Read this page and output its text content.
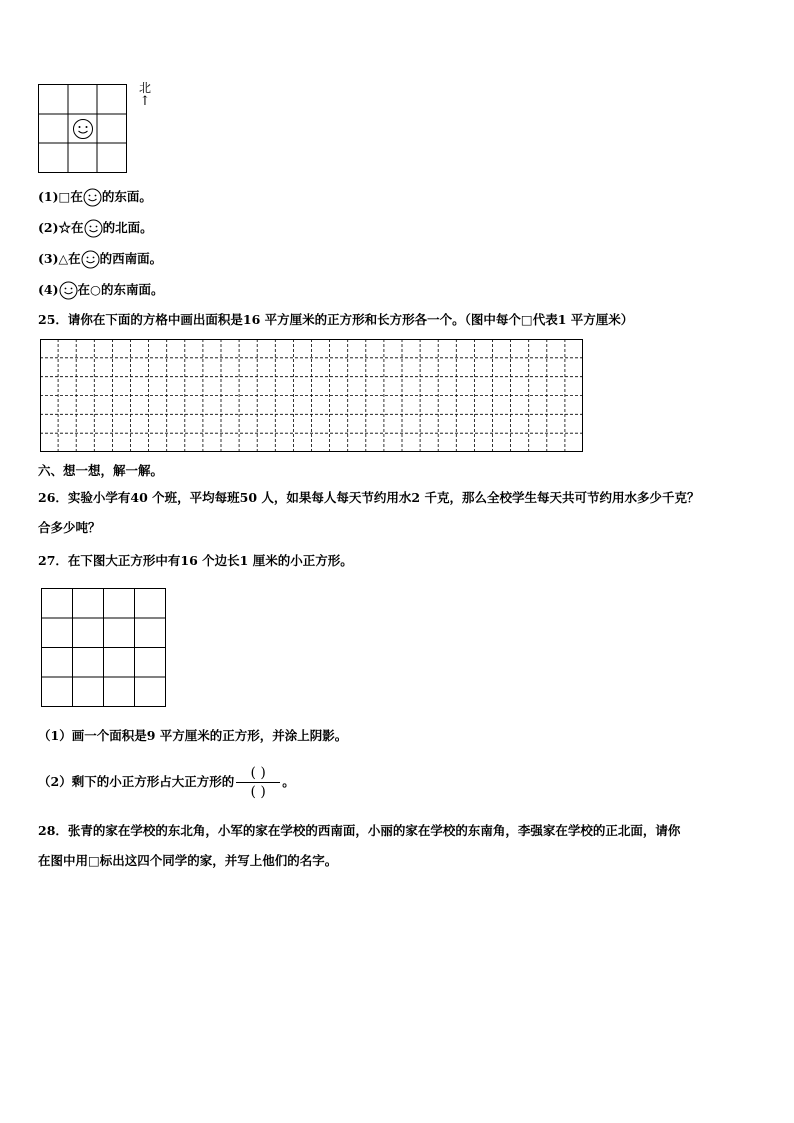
北
↑
(1)□在 的东面。
(2)☆在 的北面。
(3)△在 的西南面。
(4) 在○的东南面。
25．请你在下面的方格中画出面积是16 平方厘米的正方形和长方形各一个。（图中每个□代表1 平方厘米）
六、想一想，解一解。
26．实验小学有40 个班，平均每班50 人，如果每人每天节约用水2 千克，那么全校学生每天共可节约用水多少千克？
合多少吨？
27．在下图大正方形中有16 个边长1 厘米的小正方形。
（1）画一个面积是9 平方厘米的正方形，并涂上阴影。
（2）剩下的小正方形占大正方形的 $\frac{( )}{( )}$ 。
28．张青的家在学校的东北角，小军的家在学校的西南面，小丽的家在学校的东南角，李强家在学校的正北面，请你
在图中用□标出这四个同学的家，并写上他们的名字。
